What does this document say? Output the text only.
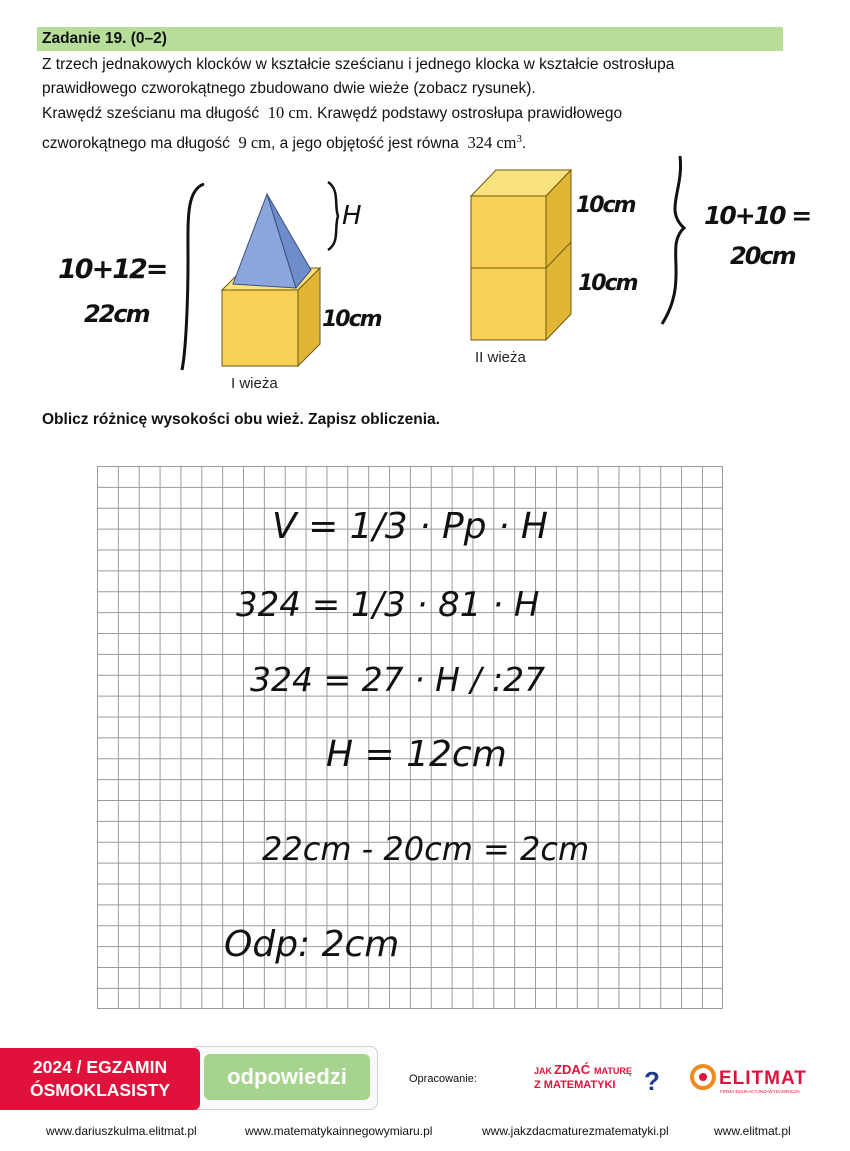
Zadanie 19. (0–2)
Z trzech jednakowych klocków w kształcie sześcianu i jednego klocka w kształcie ostrosłupa
prawidłowego czworokątnego zbudowano dwie wieże (zobacz rysunek).
Krawędź sześcianu ma długość 10 cm. Krawędź podstawy ostrosłupa prawidłowego
czworokątnego ma długość 9 cm, a jego objętość jest równa 324 $cm^3$.
I wieża
II wieża
10+12=
22cm
H
10cm
10cm
10cm
10+10 =
20cm
Oblicz różnicę wysokości obu wież. Zapisz obliczenia.
V = 1/3 · Pp · H
324 = 1/3 · 81 · H
324 = 27 · H / :27
H = 12cm
22cm - 20cm = 2cm
Odp: 2cm
2024 / EGZAMIN
ÓSMOKLASISTY
odpowiedzi	Opracowanie:
JAK ZDAĆ MATURĘ
Z MATEMATYKI ?	ELITMAT
FIRMA EDUKACYJNO-WYDAWNICZA
www.dariuszkulma.elitmat.pl	www.matematykainnegowymiaru.pl	www.jakzdacmaturezmatematyki.pl	www.elitmat.pl
